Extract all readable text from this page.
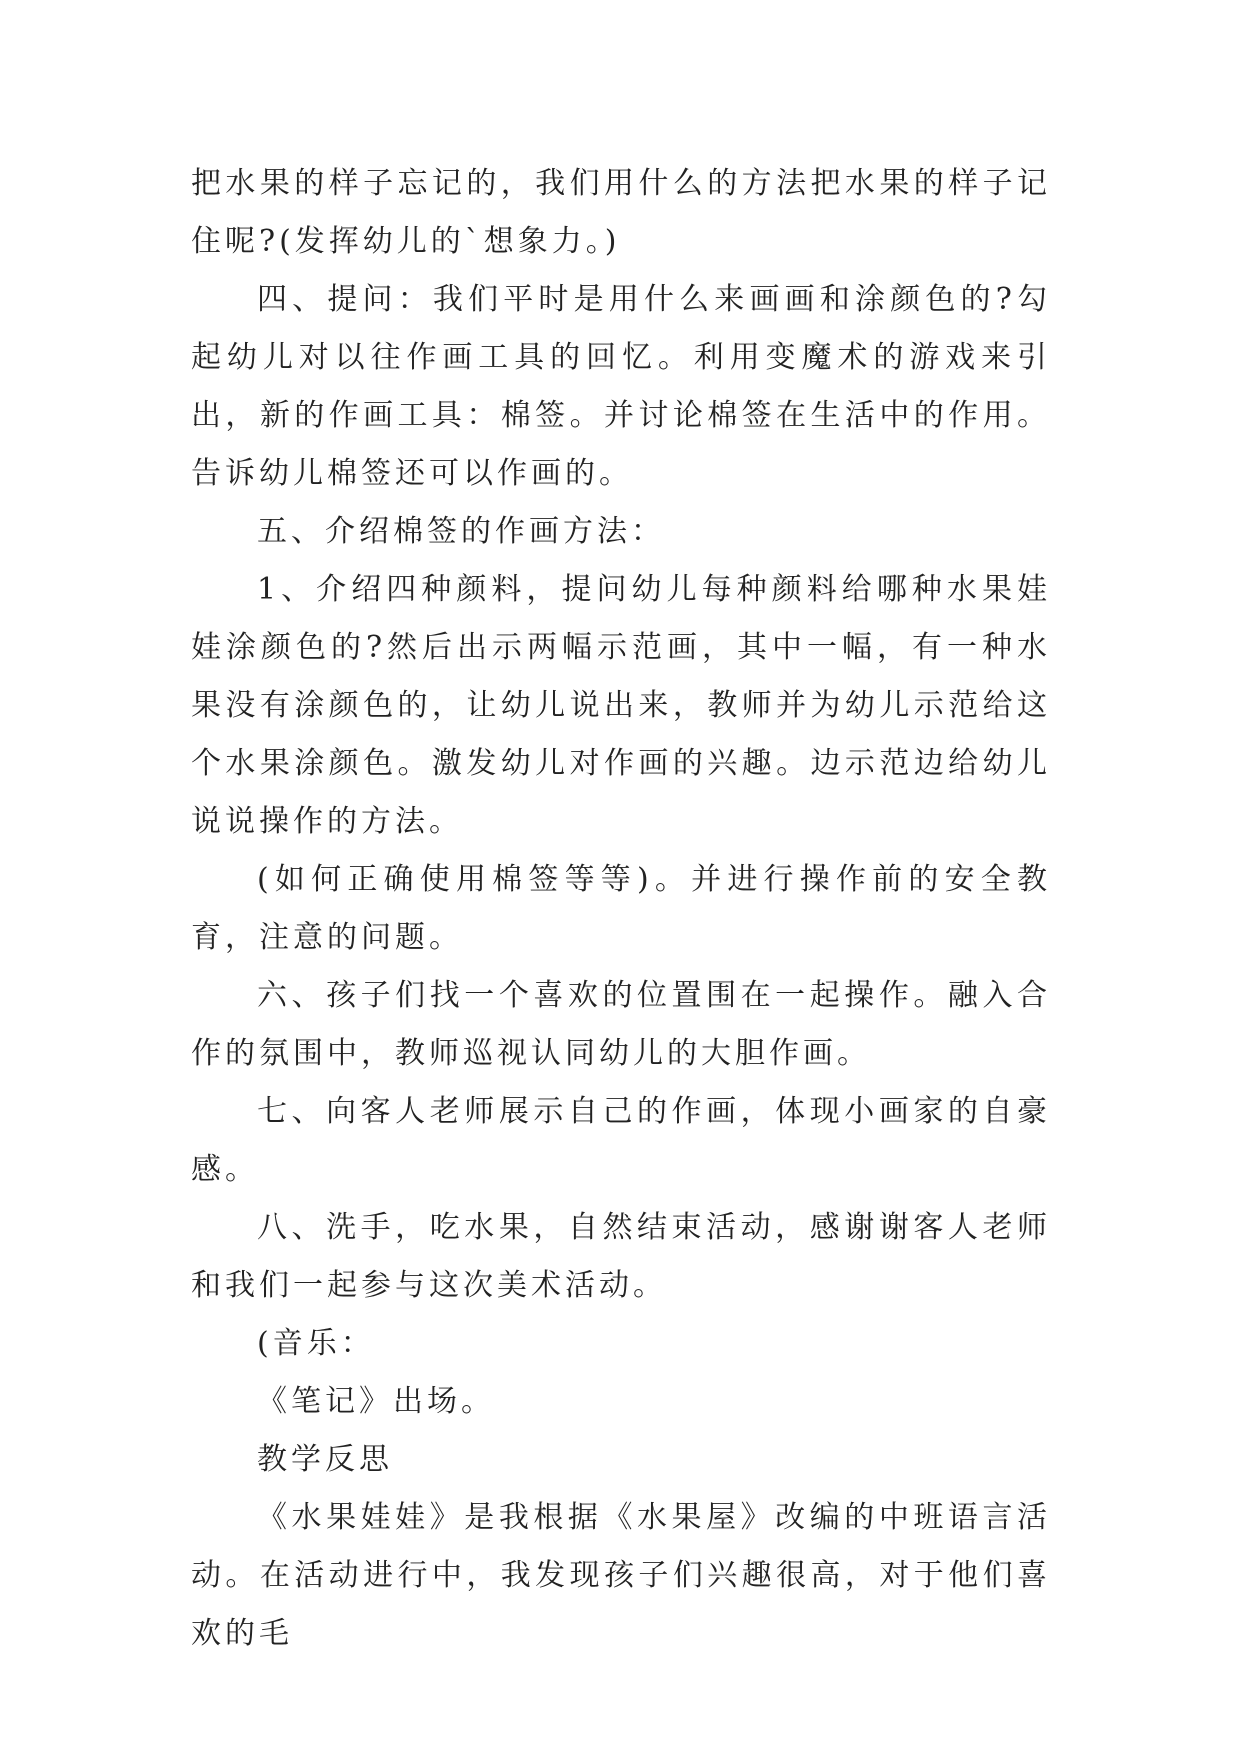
把水果的样子忘记的，我们用什么的方法把水果的样子记住呢?(发挥幼儿的`想象力。)

四、提问：我们平时是用什么来画画和涂颜色的?勾起幼儿对以往作画工具的回忆。利用变魔术的游戏来引出，新的作画工具：棉签。并讨论棉签在生活中的作用。告诉幼儿棉签还可以作画的。

五、介绍棉签的作画方法：

1、介绍四种颜料，提问幼儿每种颜料给哪种水果娃娃涂颜色的?然后出示两幅示范画，其中一幅，有一种水果没有涂颜色的，让幼儿说出来，教师并为幼儿示范给这个水果涂颜色。激发幼儿对作画的兴趣。边示范边给幼儿说说操作的方法。

(如何正确使用棉签等等)。并进行操作前的安全教育，注意的问题。

六、孩子们找一个喜欢的位置围在一起操作。融入合作的氛围中，教师巡视认同幼儿的大胆作画。

七、向客人老师展示自己的作画，体现小画家的自豪感。

八、洗手，吃水果，自然结束活动，感谢谢客人老师和我们一起参与这次美术活动。

(音乐：

《笔记》出场。

教学反思

《水果娃娃》是我根据《水果屋》改编的中班语言活动。在活动进行中，我发现孩子们兴趣很高，对于他们喜欢的毛
